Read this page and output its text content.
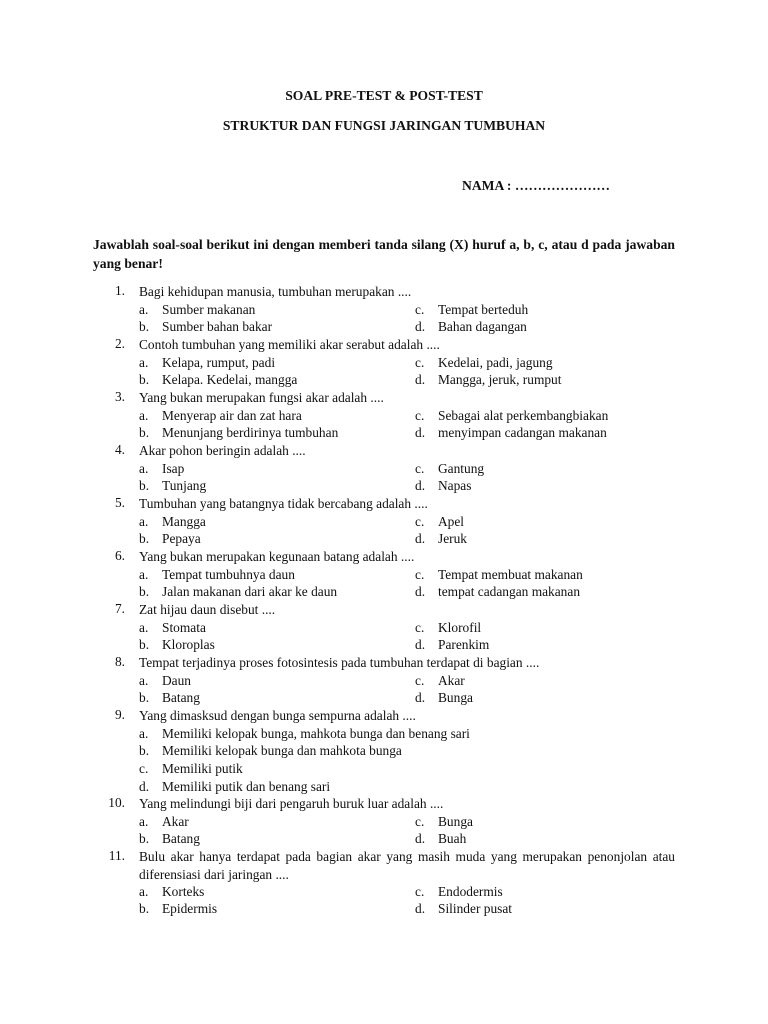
SOAL PRE-TEST & POST-TEST
STRUKTUR DAN FUNGSI JARINGAN TUMBUHAN
NAMA : …………………
Jawablah soal-soal berikut ini dengan memberi tanda silang (X) huruf a, b, c, atau d pada jawaban yang benar!
1. Bagi kehidupan manusia, tumbuhan merupakan ....
a. Sumber makanan
b. Sumber bahan bakar
c. Tempat berteduh
d. Bahan dagangan
2. Contoh tumbuhan yang memiliki akar serabut adalah ....
a. Kelapa, rumput, padi
b. Kelapa. Kedelai, mangga
c. Kedelai, padi, jagung
d. Mangga, jeruk, rumput
3. Yang bukan merupakan fungsi akar adalah ....
a. Menyerap air dan zat hara
b. Menunjang berdirinya tumbuhan
c. Sebagai alat perkembangbiakan
d. menyimpan cadangan makanan
4. Akar pohon beringin adalah ....
a. Isap
b. Tunjang
c. Gantung
d. Napas
5. Tumbuhan yang batangnya tidak bercabang adalah ....
a. Mangga
b. Pepaya
c. Apel
d. Jeruk
6. Yang bukan merupakan kegunaan batang adalah ....
a. Tempat tumbuhnya daun
b. Jalan makanan dari akar ke daun
c. Tempat membuat makanan
d. tempat cadangan makanan
7. Zat hijau daun disebut ....
a. Stomata
b. Kloroplas
c. Klorofil
d. Parenkim
8. Tempat terjadinya proses fotosintesis pada tumbuhan terdapat di bagian ....
a. Daun
b. Batang
c. Akar
d. Bunga
9. Yang dimasksud dengan bunga sempurna adalah ....
a. Memiliki kelopak bunga, mahkota bunga dan benang sari
b. Memiliki kelopak bunga dan mahkota bunga
c. Memiliki putik
d. Memiliki putik dan benang sari
10. Yang melindungi biji dari pengaruh buruk luar adalah ....
a. Akar
b. Batang
c. Bunga
d. Buah
11. Bulu akar hanya terdapat pada bagian akar yang masih muda yang merupakan penonjolan atau diferensiasi dari jaringan ....
a. Korteks
b. Epidermis
c. Endodermis
d. Silinder pusat
